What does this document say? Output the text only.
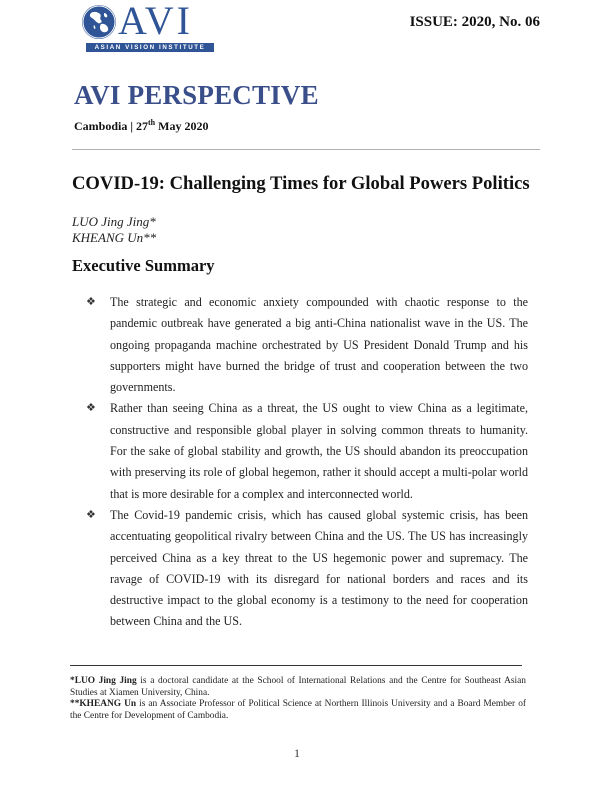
AVI
ASIAN VISION INSTITUTE
ISSUE: 2020, No. 06
AVI PERSPECTIVE
Cambodia | 27th May 2020
COVID-19: Challenging Times for Global Powers Politics
LUO Jing Jing*
KHEANG Un**
Executive Summary
❖ The strategic and economic anxiety compounded with chaotic response to the pandemic outbreak have generated a big anti-China nationalist wave in the US. The ongoing propaganda machine orchestrated by US President Donald Trump and his supporters might have burned the bridge of trust and cooperation between the two governments.
❖ Rather than seeing China as a threat, the US ought to view China as a legitimate, constructive and responsible global player in solving common threats to humanity. For the sake of global stability and growth, the US should abandon its preoccupation with preserving its role of global hegemon, rather it should accept a multi-polar world that is more desirable for a complex and interconnected world.
❖ The Covid-19 pandemic crisis, which has caused global systemic crisis, has been accentuating geopolitical rivalry between China and the US. The US has increasingly perceived China as a key threat to the US hegemonic power and supremacy. The ravage of COVID-19 with its disregard for national borders and races and its destructive impact to the global economy is a testimony to the need for cooperation between China and the US.

*LUO Jing Jing is a doctoral candidate at the School of International Relations and the Centre for Southeast Asian Studies at Xiamen University, China.

**KHEANG Un is an Associate Professor of Political Science at Northern Illinois University and a Board Member of the Centre for Development of Cambodia.

1
